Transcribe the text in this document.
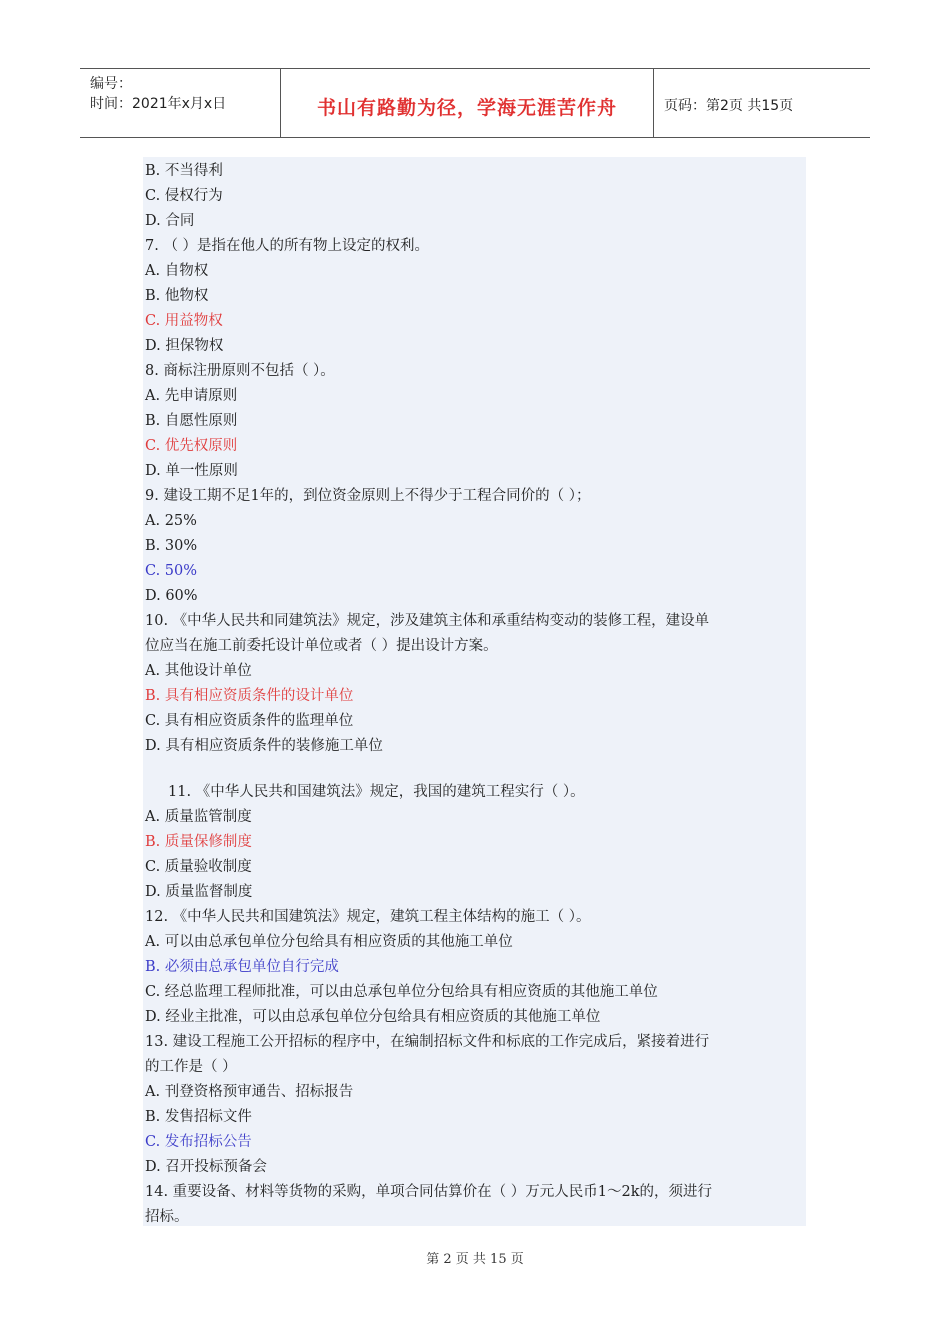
编号：
时间：2021年x月x日	书山有路勤为径，学海无涯苦作舟	页码：第2页 共15页
B. 不当得利
C. 侵权行为
D. 合同
7. （ ）是指在他人的所有物上设定的权利。
A. 自物权
B. 他物权
C. 用益物权
D. 担保物权
8. 商标注册原则不包括（ ）。
A. 先申请原则
B. 自愿性原则
C. 优先权原则
D. 单一性原则
9. 建设工期不足1年的，到位资金原则上不得少于工程合同价的（ ）；
A. 25%
B. 30%
C. 50%
D. 60%
10. 《中华人民共和同建筑法》规定，涉及建筑主体和承重结构变动的装修工程，建设单
位应当在施工前委托设计单位或者（ ）提出设计方案。
A. 其他设计单位
B. 具有相应资质条件的设计单位
C. 具有相应资质条件的监理单位
D. 具有相应资质条件的装修施工单位
11. 《中华人民共和国建筑法》规定，我国的建筑工程实行（ ）。
A. 质量监管制度
B. 质量保修制度
C. 质量验收制度
D. 质量监督制度
12. 《中华人民共和国建筑法》规定，建筑工程主体结构的施工（ ）。
A. 可以由总承包单位分包给具有相应资质的其他施工单位
B. 必须由总承包单位自行完成
C. 经总监理工程师批准，可以由总承包单位分包给具有相应资质的其他施工单位
D. 经业主批准，可以由总承包单位分包给具有相应资质的其他施工单位
13. 建设工程施工公开招标的程序中，在编制招标文件和标底的工作完成后，紧接着进行
的工作是（ ）
A. 刊登资格预审通告、招标报告
B. 发售招标文件
C. 发布招标公告
D. 召开投标预备会
14. 重要设备、材料等货物的采购，单项合同估算价在（ ）万元人民币1～2k的，须进行
招标。
第 2 页 共 15 页
